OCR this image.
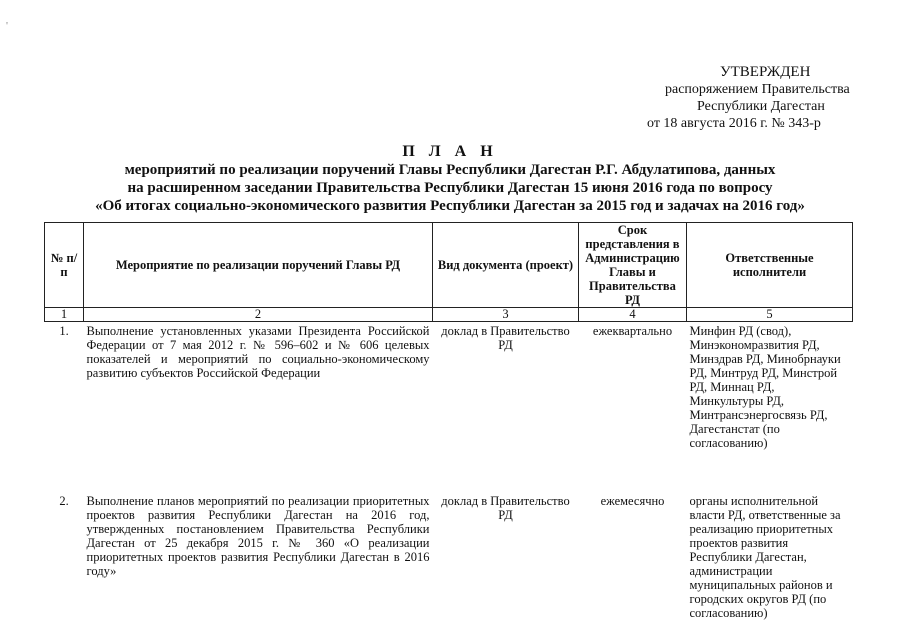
'
УТВЕРЖДЕН
распоряжением Правительства
Республики Дагестан
от 18 августа 2016 г. № 343-р
П Л А Н
мероприятий по реализации поручений Главы Республики Дагестан Р.Г. Абдулатипова, данных
на расширенном заседании Правительства Республики Дагестан 15 июня 2016 года по вопросу
«Об итогах социально-экономического развития Республики Дагестан за 2015 год и задачах на 2016 год»
№ п/п	Мероприятие по реализации поручений Главы РД	Вид документа (проект)	Срок представления в Администрацию Главы и Правительства РД	Ответственные исполнители
1	2	3	4	5
1.	Выполнение установленных указами Президента Российской Федерации от 7 мая 2012 г. № 596–602 и № 606 целевых показателей и мероприятий по социально-экономическому развитию субъектов Российской Федерации	доклад в Правительство РД	ежеквартально	Минфин РД (свод), Минэкономразвития РД, Минздрав РД, Минобрнауки РД, Минтруд РД, Минстрой РД, Миннац РД, Минкультуры РД, Минтрансэнергосвязь РД, Дагестанстат (по согласованию)
2.	Выполнение планов мероприятий по реализации приоритетных проектов развития Республики Дагестан на 2016 год, утвержденных постановлением Правительства Республики Дагестан от 25 декабря 2015 г. № 360 «О реализации приоритетных проектов развития Республики Дагестан в 2016 году»	доклад в Правительство РД	ежемесячно	органы исполнительной власти РД, ответственные за реализацию приоритетных проектов развития Республики Дагестан, администрации муниципальных районов и городских округов РД (по согласованию)
